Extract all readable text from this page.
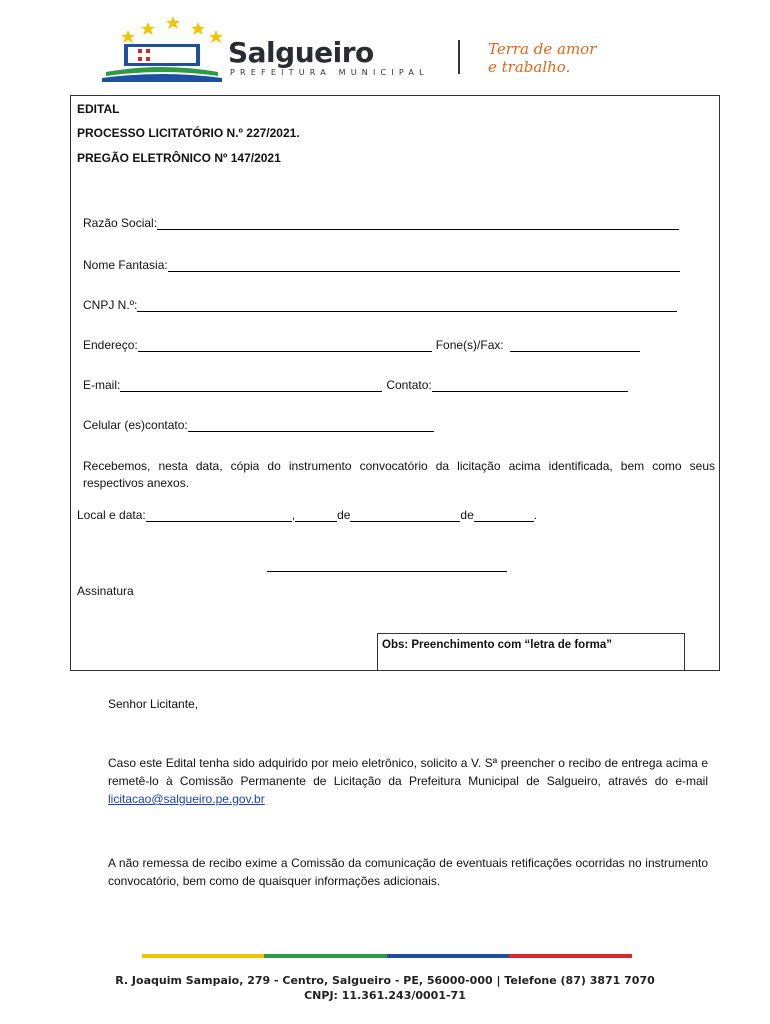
Salgueiro
PREFEITURA MUNICIPAL
Terra de amor
e trabalho.
EDITAL
PROCESSO LICITATÓRIO N.º 227/2021.
PREGÃO ELETRÔNICO Nº 147/2021
Razão Social:
Nome Fantasia:
CNPJ N.º:
Endereço:	Fone(s)/Fax:
E-mail:	Contato:
Celular (es)contato:
Recebemos, nesta data, cópia do instrumento convocatório da licitação acima identificada, bem como seus respectivos anexos.
Local e data:	,	de	de	.
Assinatura
Obs: Preenchimento com “letra de forma”
Senhor Licitante,
Caso este Edital tenha sido adquirido por meio eletrônico, solicito a V. Sª preencher o recibo de entrega acima e remetê-lo à Comissão Permanente de Licitação da Prefeitura Municipal de Salgueiro, através do e-mail licitacao@salgueiro.pe.gov.br
A não remessa de recibo exime a Comissão da comunicação de eventuais retificações ocorridas no instrumento convocatório, bem como de quaisquer informações adicionais.
R. Joaquim Sampaio, 279 - Centro, Salgueiro - PE, 56000-000 | Telefone (87) 3871 7070
CNPJ: 11.361.243/0001-71
